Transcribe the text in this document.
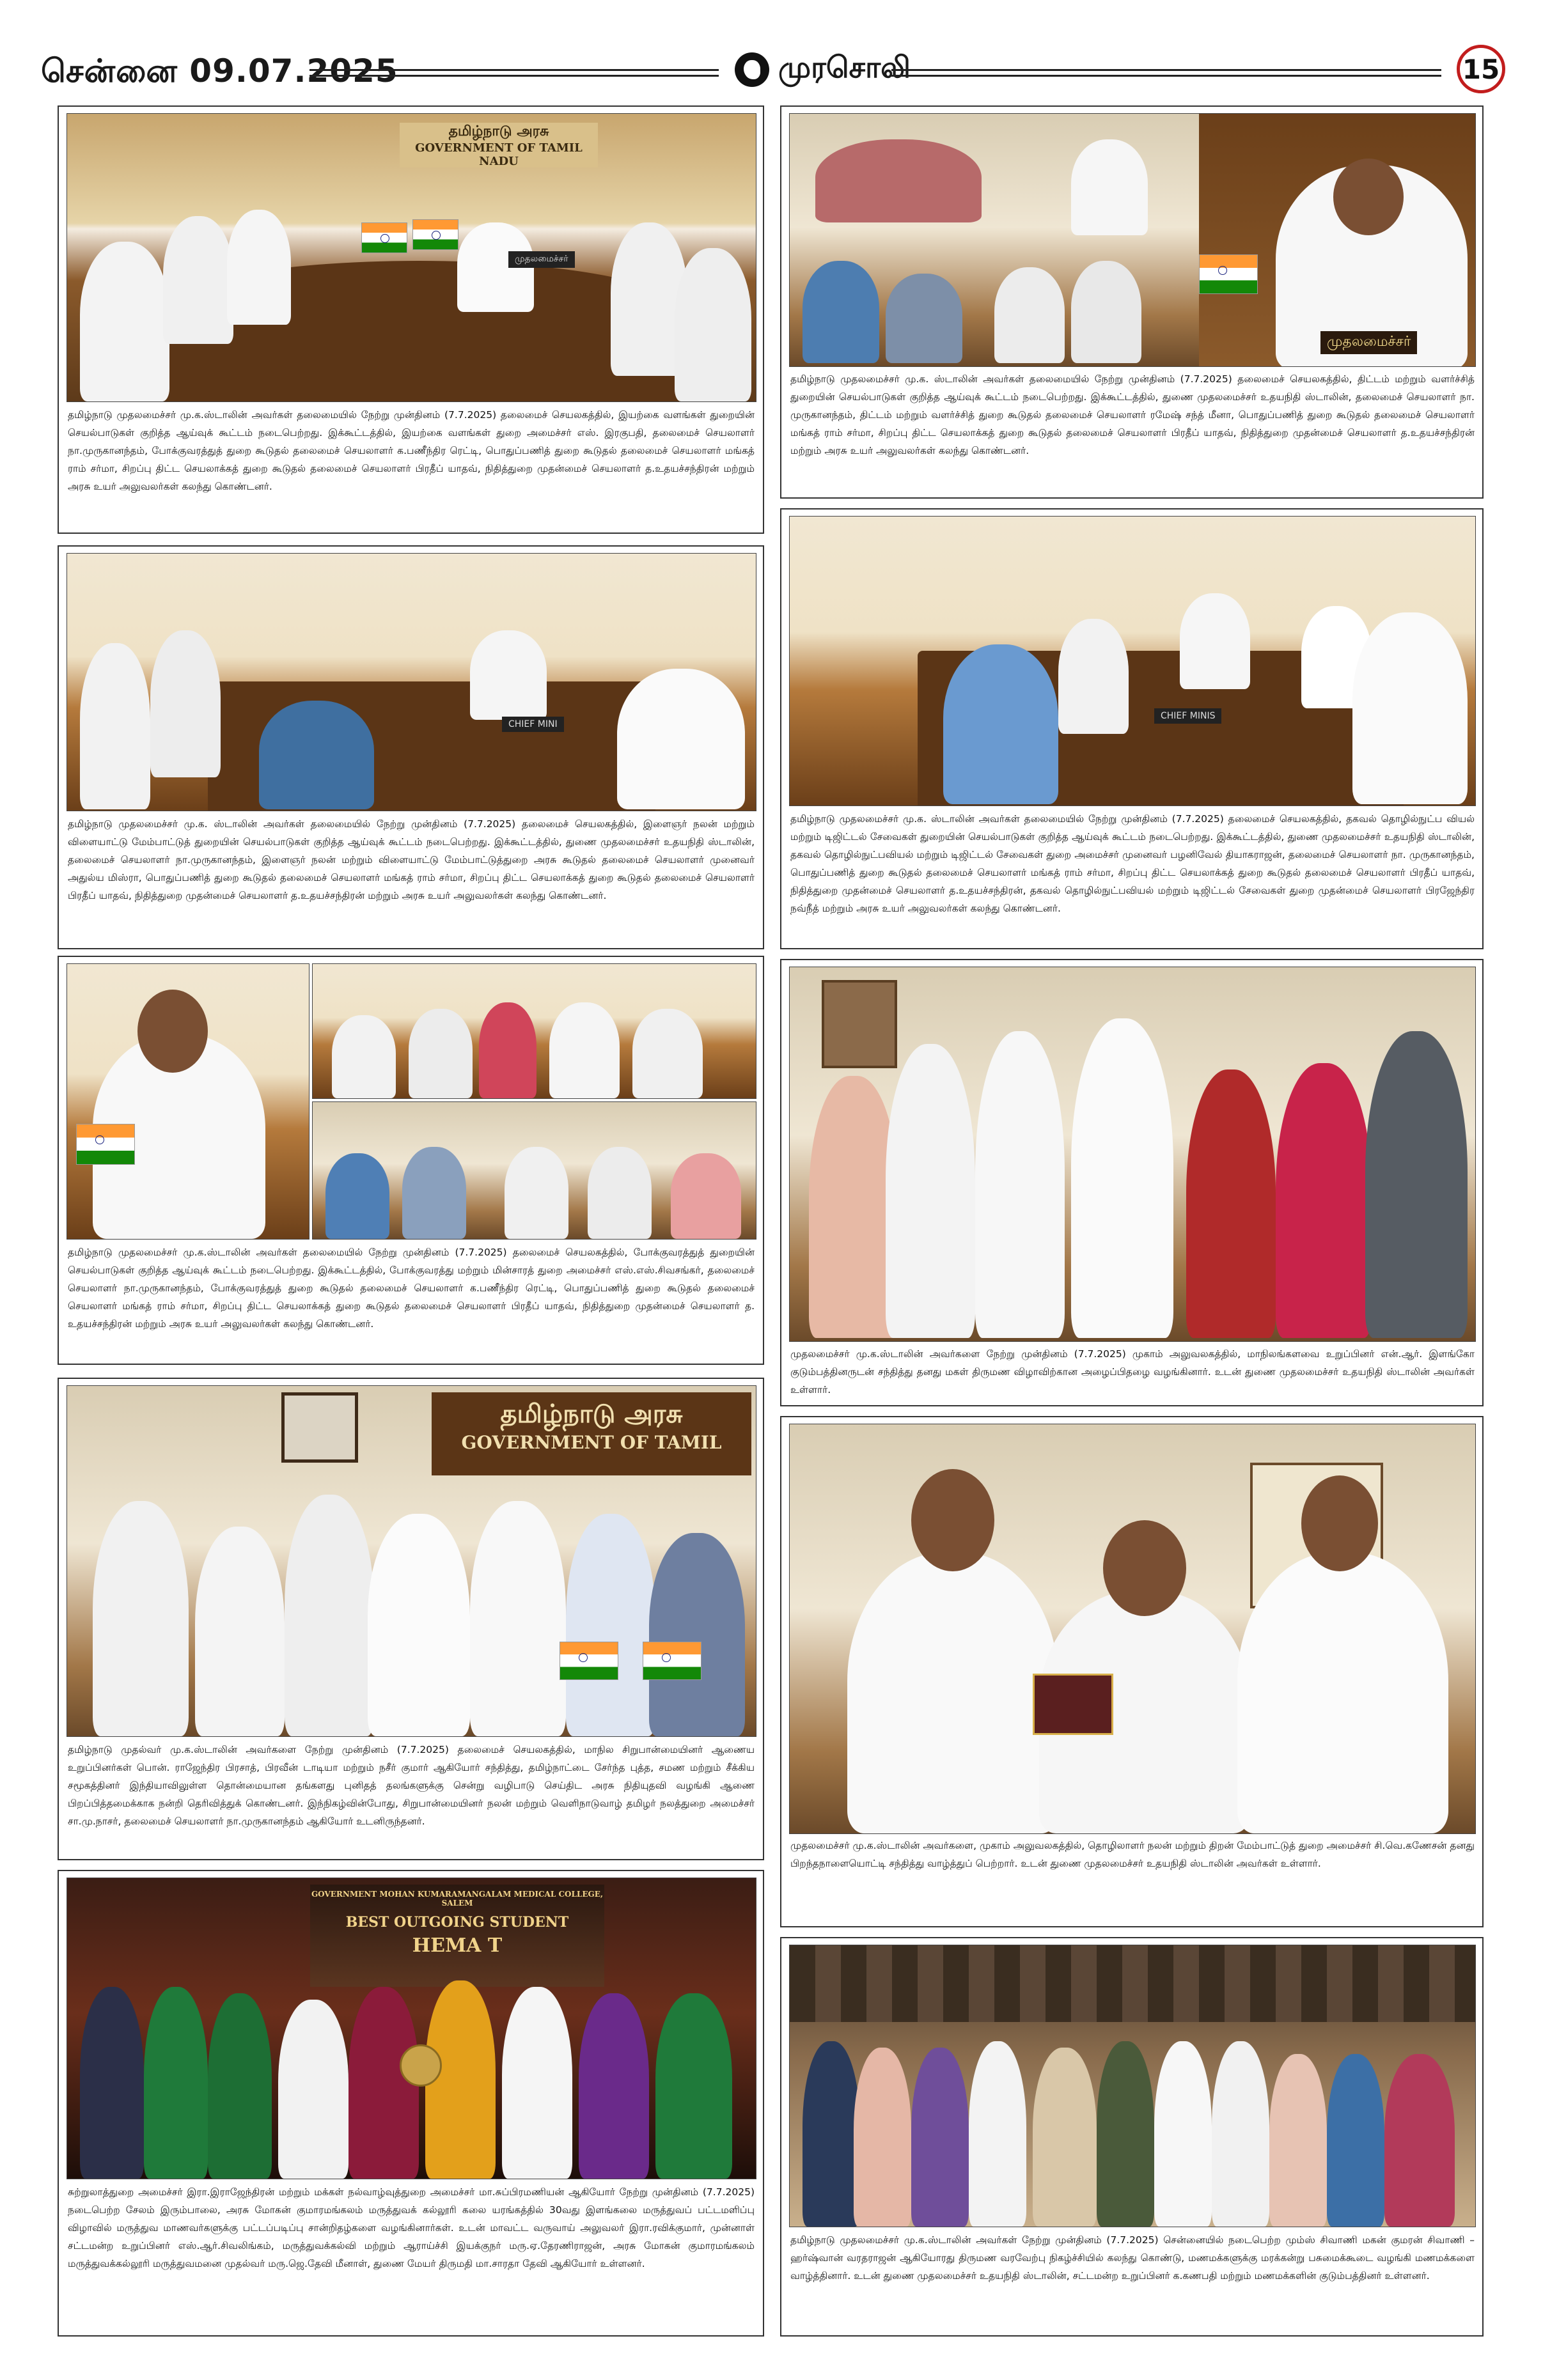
சென்னை 09.07.2025	முரசொலி	15
தமிழ்நாடு அரசு
GOVERNMENT OF TAMIL NADU
முதலமைச்சர்
தமிழ்நாடு முதலமைச்சர் மு.க.ஸ்டாலின் அவர்கள் தலைமையில் நேற்று முன்தினம் (7.7.2025) தலைமைச் செயலகத்தில், இயற்கை வளங்கள் துறையின் செயல்பாடுகள் குறித்த ஆய்வுக் கூட்டம் நடைபெற்றது. இக்கூட்டத்தில், இயற்கை வளங்கள் துறை அமைச்சர் எஸ். இரகுபதி, தலைமைச் செயலாளர் நா.முருகானந்தம், போக்குவரத்துத் துறை கூடுதல் தலைமைச் செயலாளர் க.பணீந்திர ரெட்டி, பொதுப்பணித் துறை கூடுதல் தலைமைச் செயலாளர் மங்கத் ராம் சர்மா, சிறப்பு திட்ட செயலாக்கத் துறை கூடுதல் தலைமைச் செயலாளர் பிரதீப் யாதவ், நிதித்துறை முதன்மைச் செயலாளர் த.உதயச்சந்திரன் மற்றும் அரசு உயர் அலுவலர்கள் கலந்து கொண்டனர்.
முதலமைச்சர்
தமிழ்நாடு முதலமைச்சர் மு.க. ஸ்டாலின் அவர்கள் தலைமையில் நேற்று முன்தினம் (7.7.2025) தலைமைச் செயலகத்தில், திட்டம் மற்றும் வளர்ச்சித் துறையின் செயல்பாடுகள் குறித்த ஆய்வுக் கூட்டம் நடைபெற்றது. இக்கூட்டத்தில், துணை முதலமைச்சர் உதயநிதி ஸ்டாலின், தலைமைச் செயலாளர் நா. முருகானந்தம், திட்டம் மற்றும் வளர்ச்சித் துறை கூடுதல் தலைமைச் செயலாளர் ரமேஷ் சந்த் மீனா, பொதுப்பணித் துறை கூடுதல் தலைமைச் செயலாளர் மங்கத் ராம் சர்மா, சிறப்பு திட்ட செயலாக்கத் துறை கூடுதல் தலைமைச் செயலாளர் பிரதீப் யாதவ், நிதித்துறை முதன்மைச் செயலாளர் த.உதயச்சந்திரன் மற்றும் அரசு உயர் அலுவலர்கள் கலந்து கொண்டனர்.
CHIEF MINI
தமிழ்நாடு முதலமைச்சர் மு.க. ஸ்டாலின் அவர்கள் தலைமையில் நேற்று முன்தினம் (7.7.2025) தலைமைச் செயலகத்தில், இளைஞர் நலன் மற்றும் விளையாட்டு மேம்பாட்டுத் துறையின் செயல்பாடுகள் குறித்த ஆய்வுக் கூட்டம் நடைபெற்றது. இக்கூட்டத்தில், துணை முதலமைச்சர் உதயநிதி ஸ்டாலின், தலைமைச் செயலாளர் நா.முருகானந்தம், இளைஞர் நலன் மற்றும் விளையாட்டு மேம்பாட்டுத்துறை அரசு கூடுதல் தலைமைச் செயலாளர் முனைவர் அதுல்ய மிஸ்ரா, பொதுப்பணித் துறை கூடுதல் தலைமைச் செயலாளர் மங்கத் ராம் சர்மா, சிறப்பு திட்ட செயலாக்கத் துறை கூடுதல் தலைமைச் செயலாளர் பிரதீப் யாதவ், நிதித்துறை முதன்மைச் செயலாளர் த.உதயச்சந்திரன் மற்றும் அரசு உயர் அலுவலர்கள் கலந்து கொண்டனர்.
CHIEF MINIS
தமிழ்நாடு முதலமைச்சர் மு.க. ஸ்டாலின் அவர்கள் தலைமையில் நேற்று முன்தினம் (7.7.2025) தலைமைச் செயலகத்தில், தகவல் தொழில்நுட்ப வியல் மற்றும் டிஜிட்டல் சேவைகள் துறையின் செயல்பாடுகள் குறித்த ஆய்வுக் கூட்டம் நடைபெற்றது. இக்கூட்டத்தில், துணை முதலமைச்சர் உதயநிதி ஸ்டாலின், தகவல் தொழில்நுட்பவியல் மற்றும் டிஜிட்டல் சேவைகள் துறை அமைச்சர் முனைவர் பழனிவேல் தியாகராஜன், தலைமைச் செயலாளர் நா. முருகானந்தம், பொதுப்பணித் துறை கூடுதல் தலைமைச் செயலாளர் மங்கத் ராம் சர்மா, சிறப்பு திட்ட செயலாக்கத் துறை கூடுதல் தலைமைச் செயலாளர் பிரதீப் யாதவ், நிதித்துறை முதன்மைச் செயலாளர் த.உதயச்சந்திரன், தகவல் தொழில்நுட்பவியல் மற்றும் டிஜிட்டல் சேவைகள் துறை முதன்மைச் செயலாளர் பிரஜேந்திர நவ்நீத் மற்றும் அரசு உயர் அலுவலர்கள் கலந்து கொண்டனர்.
தமிழ்நாடு முதலமைச்சர் மு.க.ஸ்டாலின் அவர்கள் தலைமையில் நேற்று முன்தினம் (7.7.2025) தலைமைச் செயலகத்தில், போக்குவரத்துத் துறையின் செயல்பாடுகள் குறித்த ஆய்வுக் கூட்டம் நடைபெற்றது. இக்கூட்டத்தில், போக்குவரத்து மற்றும் மின்சாரத் துறை அமைச்சர் எஸ்.எஸ்.சிவசங்கர், தலைமைச் செயலாளர் நா.முருகானந்தம், போக்குவரத்துத் துறை கூடுதல் தலைமைச் செயலாளர் க.பணீந்திர ரெட்டி, பொதுப்பணித் துறை கூடுதல் தலைமைச் செயலாளர் மங்கத் ராம் சர்மா, சிறப்பு திட்ட செயலாக்கத் துறை கூடுதல் தலைமைச் செயலாளர் பிரதீப் யாதவ், நிதித்துறை முதன்மைச் செயலாளர் த. உதயச்சந்திரன் மற்றும் அரசு உயர் அலுவலர்கள் கலந்து கொண்டனர்.
முதலமைச்சர் மு.க.ஸ்டாலின் அவர்களை நேற்று முன்தினம் (7.7.2025) முகாம் அலுவலகத்தில், மாநிலங்களவை உறுப்பினர் என்.ஆர். இளங்கோ குடும்பத்தினருடன் சந்தித்து தனது மகள் திருமண விழாவிற்கான அழைப்பிதழை வழங்கினார். உடன் துணை முதலமைச்சர் உதயநிதி ஸ்டாலின் அவர்கள் உள்ளார்.
தமிழ்நாடு அரசு
GOVERNMENT OF TAMIL
தமிழ்நாடு முதல்வர் மு.க.ஸ்டாலின் அவர்களை நேற்று முன்தினம் (7.7.2025) தலைமைச் செயலகத்தில், மாநில சிறுபான்மையினர் ஆணைய உறுப்பினர்கள் பொன். ராஜேந்திர பிரசாத், பிரவீன் டாடியா மற்றும் நசீர் குமார் ஆகியோர் சந்தித்து, தமிழ்நாட்டை சேர்ந்த புத்த, சமண மற்றும் சீக்கிய சமூகத்தினர் இந்தியாவிலுள்ள தொன்மையான தங்களது புனிதத் தலங்களுக்கு சென்று வழிபாடு செய்திட அரசு நிதியுதவி வழங்கி ஆணை பிறப்பித்தமைக்காக நன்றி தெரிவித்துக் கொண்டனர். இந்நிகழ்வின்போது, சிறுபான்மையினர் நலன் மற்றும் வெளிநாடுவாழ் தமிழர் நலத்துறை அமைச்சர் சா.மு.நாசர், தலைமைச் செயலாளர் நா.முருகானந்தம் ஆகியோர் உடனிருந்தனர்.
முதலமைச்சர் மு.க.ஸ்டாலின் அவர்களை, முகாம் அலுவலகத்தில், தொழிலாளர் நலன் மற்றும் திறன் மேம்பாட்டுத் துறை அமைச்சர் சி.வெ.கணேசன் தனது பிறந்தநாளையொட்டி சந்தித்து வாழ்த்துப் பெற்றார். உடன் துணை முதலமைச்சர் உதயநிதி ஸ்டாலின் அவர்கள் உள்ளார்.
GOVERNMENT MOHAN KUMARAMANGALAM MEDICAL COLLEGE, SALEM
BEST OUTGOING STUDENT
HEMA T
சுற்றுலாத்துறை அமைச்சர் இரா.இராஜேந்திரன் மற்றும் மக்கள் நல்வாழ்வுத்துறை அமைச்சர் மா.சுப்பிரமணியன் ஆகியோர் நேற்று முன்தினம் (7.7.2025) நடைபெற்ற சேலம் இரும்பாலை, அரசு மோகன் குமாரமங்கலம் மருத்துவக் கல்லூரி கலை யரங்கத்தில் 30வது இளங்கலை மருத்துவப் பட்டமளிப்பு விழாவில் மருத்துவ மாணவர்களுக்கு பட்டப்படிப்பு சான்றிதழ்களை வழங்கினார்கள். உடன் மாவட்ட வருவாய் அலுவலர் இரா.ரவிக்குமார், முன்னாள் சட்டமன்ற உறுப்பினர் எஸ்.ஆர்.சிவலிங்கம், மருத்துவக்கல்வி மற்றும் ஆராய்ச்சி இயக்குநர் மரு.ஏ.தேரணிராஜன், அரசு மோகன் குமாரமங்கலம் மருத்துவக்கல்லூரி மருத்துவமனை முதல்வர் மரு.ஜெ.தேவி மீனாள், துணை மேயர் திருமதி மா.சாரதா தேவி ஆகியோர் உள்ளனர்.
தமிழ்நாடு முதலமைச்சர் மு.க.ஸ்டாலின் அவர்கள் நேற்று முன்தினம் (7.7.2025) சென்னையில் நடைபெற்ற மும்ஸ் சிவாணி மகன் குமரன் சிவாணி – ஹர்ஷ்வான் வரதராஜன் ஆகியோரது திருமண வரவேற்பு நிகழ்ச்சியில் கலந்து கொண்டு, மணமக்களுக்கு மரக்கன்று பசுமைக்கூடை வழங்கி மணமக்களை வாழ்த்தினார். உடன் துணை முதலமைச்சர் உதயநிதி ஸ்டாலின், சட்டமன்ற உறுப்பினர் க.கணபதி மற்றும் மணமக்களின் குடும்பத்தினர் உள்ளனர்.
